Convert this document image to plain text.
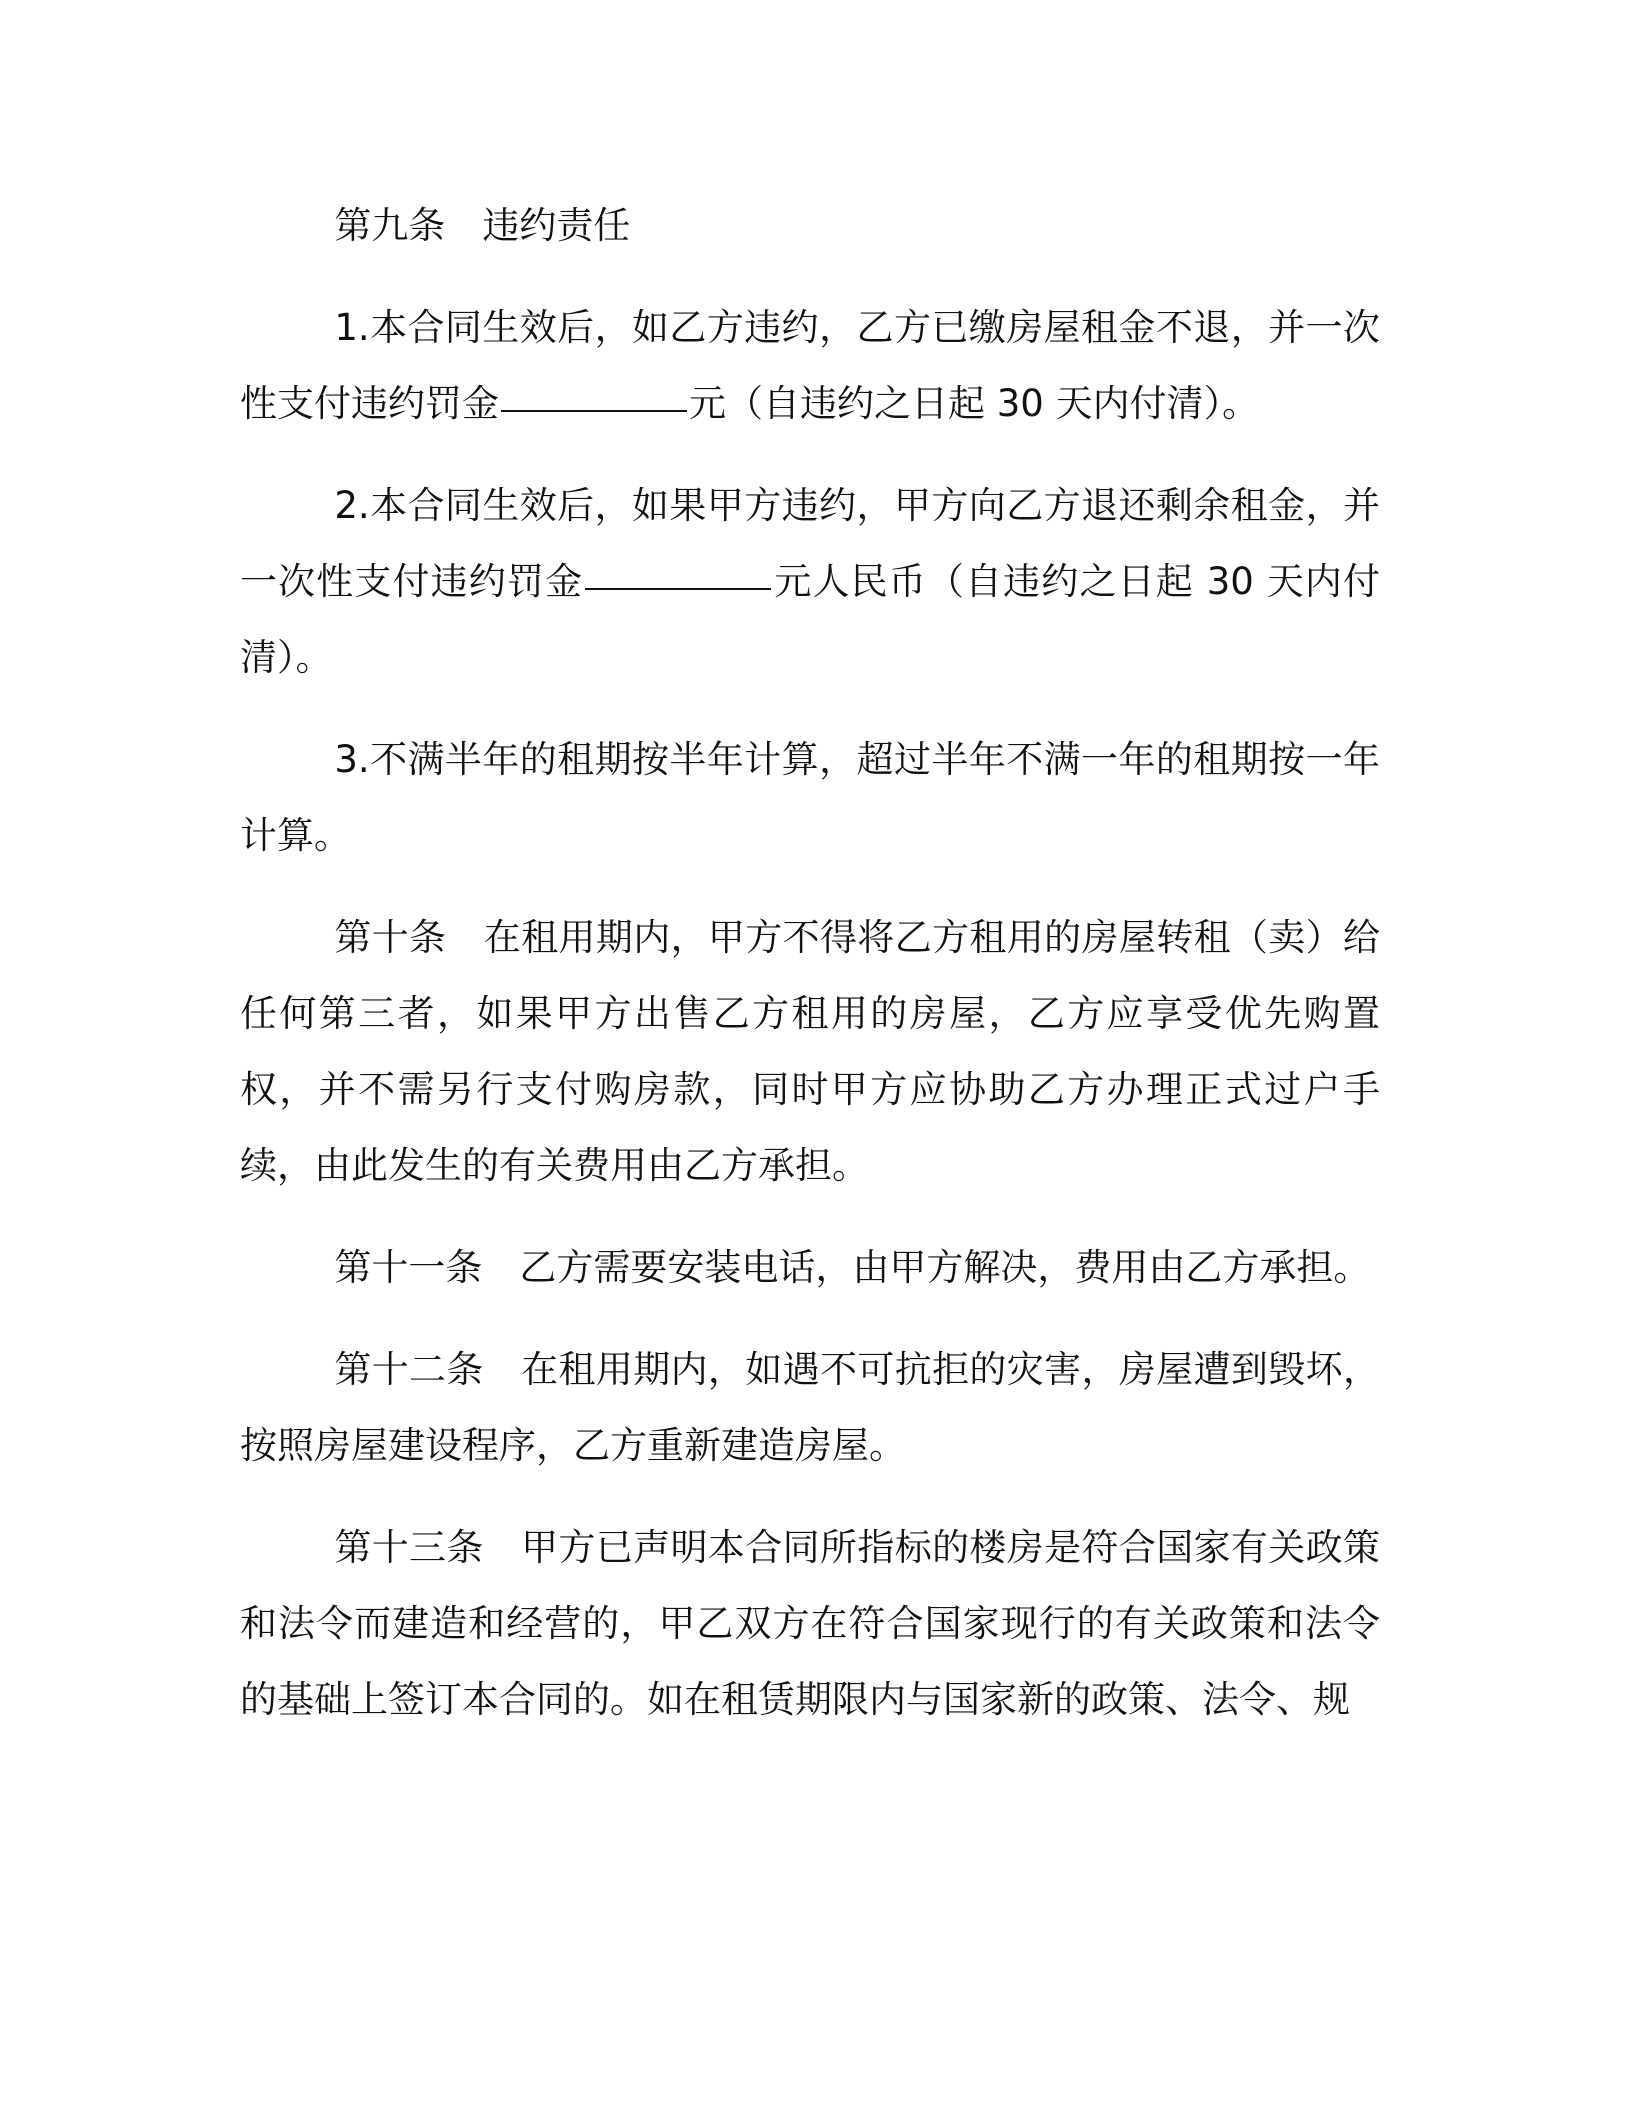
第九条 违约责任

1.本合同生效后，如乙方违约，乙方已缴房屋租金不退，并一次性支付违约罚金	元（自违约之日起 30 天内付清）。

2.本合同生效后，如果甲方违约，甲方向乙方退还剩余租金，并一次性支付违约罚金	元人民币（自违约之日起 30 天内付清）。

3.不满半年的租期按半年计算，超过半年不满一年的租期按一年计算。

第十条 在租用期内，甲方不得将乙方租用的房屋转租（卖）给任何第三者，如果甲方出售乙方租用的房屋，乙方应享受优先购置权，并不需另行支付购房款，同时甲方应协助乙方办理正式过户手续，由此发生的有关费用由乙方承担。

第十一条 乙方需要安装电话，由甲方解决，费用由乙方承担。

第十二条 在租用期内，如遇不可抗拒的灾害，房屋遭到毁坏，按照房屋建设程序，乙方重新建造房屋。

第十三条 甲方已声明本合同所指标的楼房是符合国家有关政策和法令而建造和经营的，甲乙双方在符合国家现行的有关政策和法令的基础上签订本合同的。如在租赁期限内与国家新的政策、法令、规
